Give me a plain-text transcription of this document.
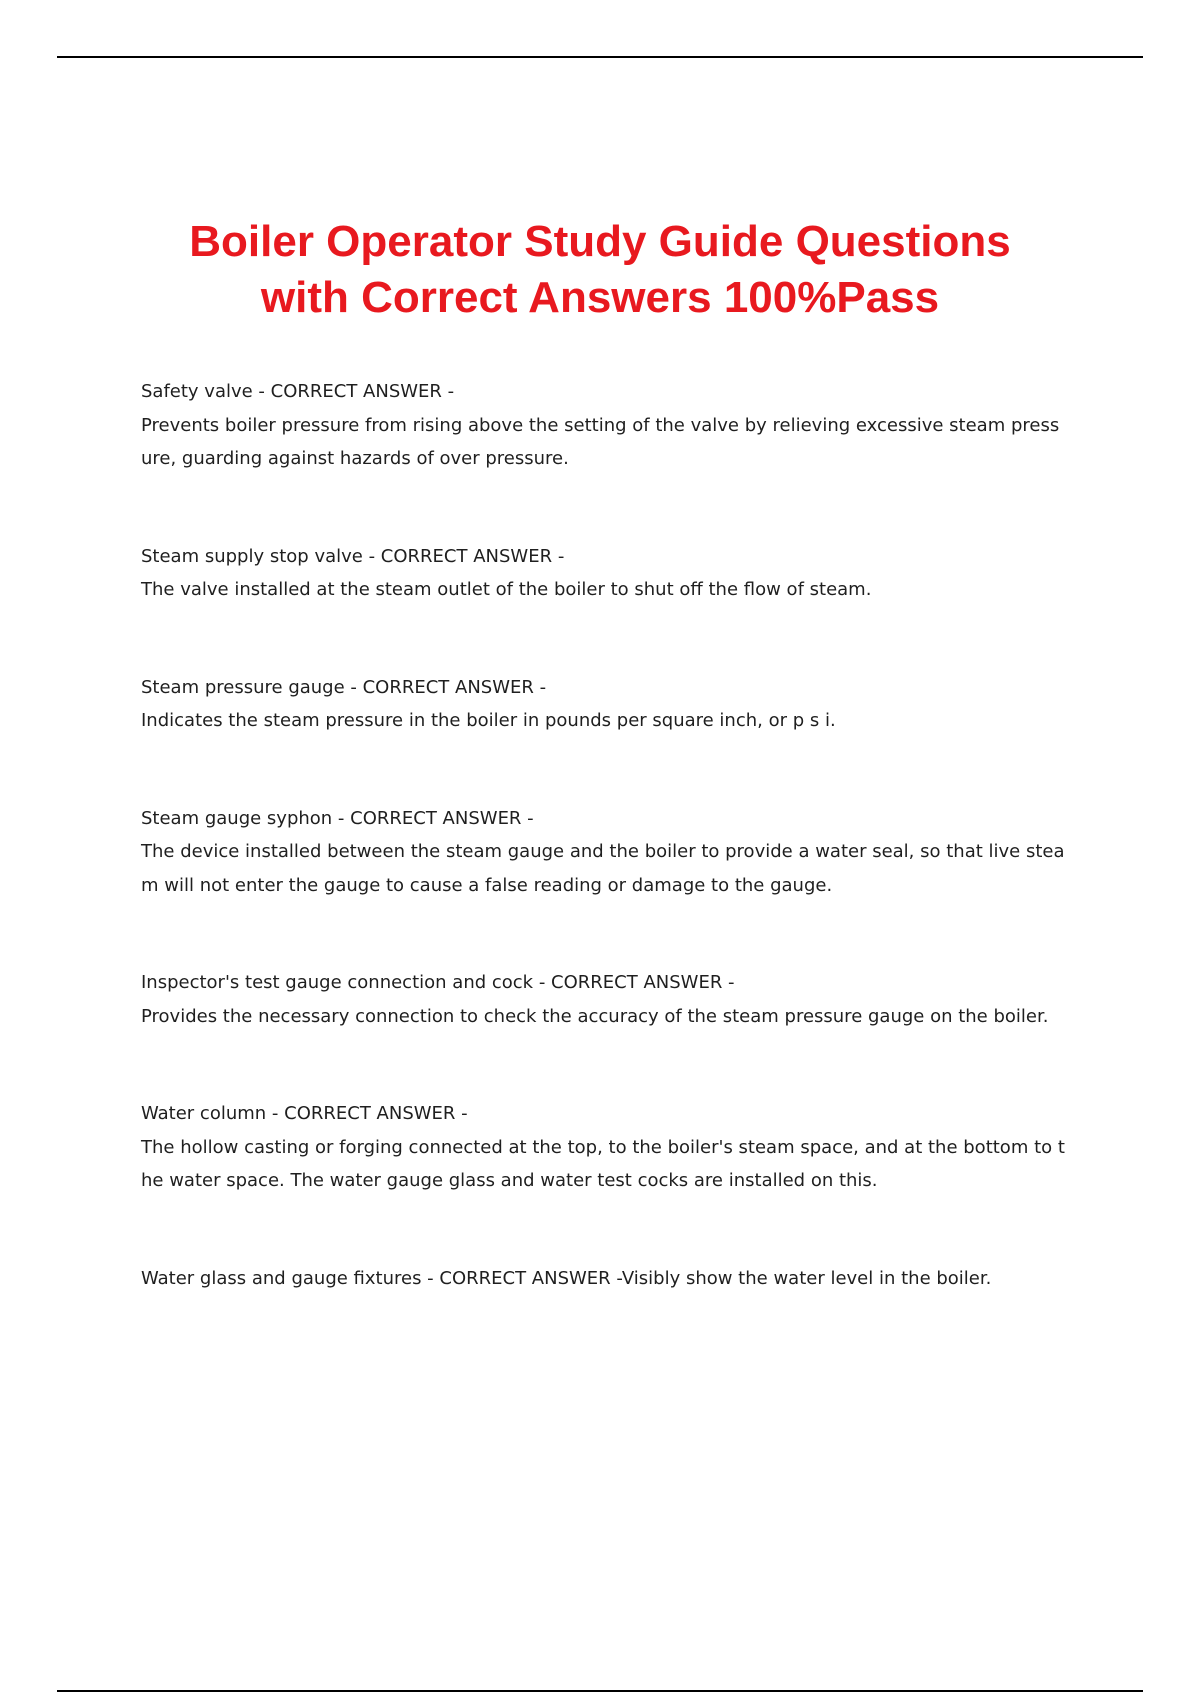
Boiler Operator Study Guide Questions
with Correct Answers 100%Pass

Safety valve - CORRECT ANSWER -
Prevents boiler pressure from rising above the setting of the valve by relieving excessive steam pressure, guarding against hazards of over pressure.

Steam supply stop valve - CORRECT ANSWER -
The valve installed at the steam outlet of the boiler to shut off the flow of steam.

Steam pressure gauge - CORRECT ANSWER -
Indicates the steam pressure in the boiler in pounds per square inch, or p s i.

Steam gauge syphon - CORRECT ANSWER -
The device installed between the steam gauge and the boiler to provide a water seal, so that live steam will not enter the gauge to cause a false reading or damage to the gauge.

Inspector's test gauge connection and cock - CORRECT ANSWER -
Provides the necessary connection to check the accuracy of the steam pressure gauge on the boiler.

Water column - CORRECT ANSWER -
The hollow casting or forging connected at the top, to the boiler's steam space, and at the bottom to the water space. The water gauge glass and water test cocks are installed on this.

Water glass and gauge fixtures - CORRECT ANSWER -Visibly show the water level in the boiler.
